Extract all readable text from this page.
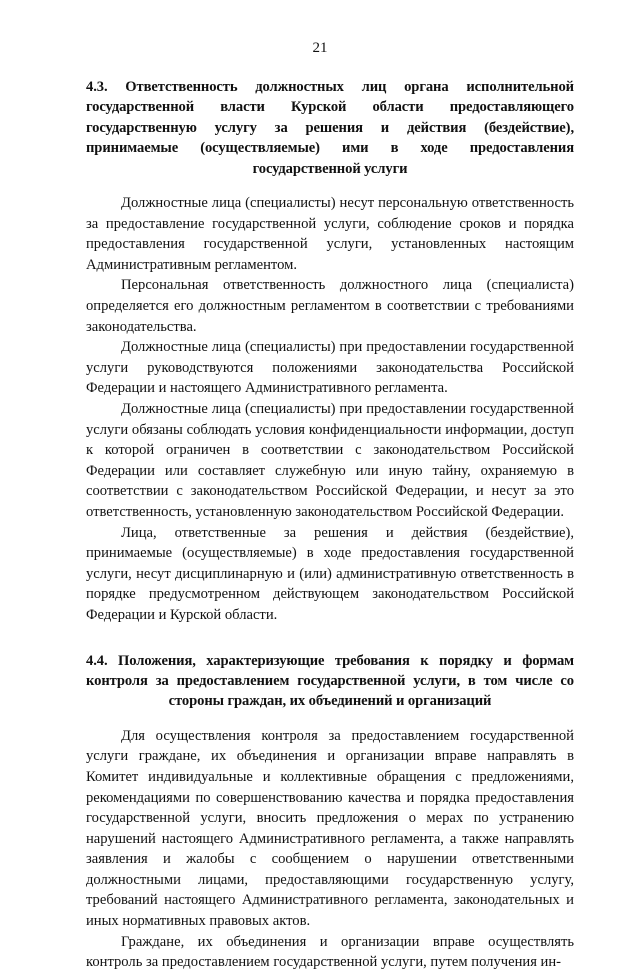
21

4.3. Ответственность должностных лиц органа исполнительной государственной власти Курской области предоставляющего государственную услугу за решения и действия (бездействие), принимаемые (осуществляемые) ими в ходе предоставления государственной услуги

Должностные лица (специалисты) несут персональную ответственность за предоставление государственной услуги, соблюдение сроков и порядка предоставления государственной услуги, установленных настоящим Административным регламентом.

Персональная ответственность должностного лица (специалиста) определяется его должностным регламентом в соответствии с требованиями законодательства.

Должностные лица (специалисты) при предоставлении государственной услуги руководствуются положениями законодательства Российской Федерации и настоящего Административного регламента.

Должностные лица (специалисты) при предоставлении государственной услуги обязаны соблюдать условия конфиденциальности информации, доступ к которой ограничен в соответствии с законодательством Российской Федерации или составляет служебную или иную тайну, охраняемую в соответствии с законодательством Российской Федерации, и несут за это ответственность, установленную законодательством Российской Федерации.

Лица, ответственные за решения и действия (бездействие), принимаемые (осуществляемые) в ходе предоставления государственной услуги, несут дисциплинарную и (или) административную ответственность в порядке предусмотренном действующем законодательством Российской Федерации и Курской области.

4.4. Положения, характеризующие требования к порядку и формам контроля за предоставлением государственной услуги, в том числе со стороны граждан, их объединений и организаций

Для осуществления контроля за предоставлением государственной услуги граждане, их объединения и организации вправе направлять в Комитет индивидуальные и коллективные обращения с предложениями, рекомендациями по совершенствованию качества и порядка предоставления государственной услуги, вносить предложения о мерах по устранению нарушений настоящего Административного регламента, а также направлять заявления и жалобы с сообщением о нарушении ответственными должностными лицами, предоставляющими государственную услугу, требований настоящего Административного регламента, законодательных и иных нормативных правовых актов.

Граждане, их объединения и организации вправе осуществлять контроль за предоставлением государственной услуги, путем получения ин-
